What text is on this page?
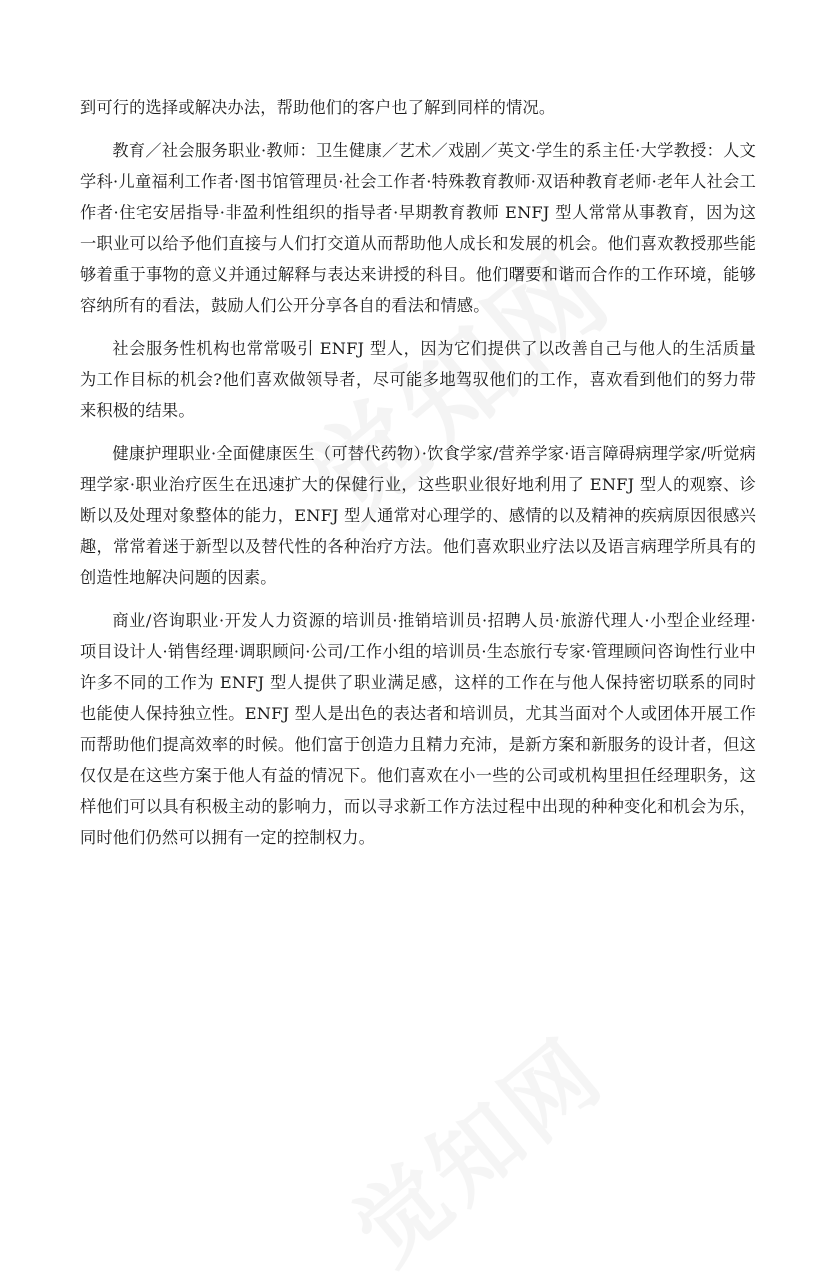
到可行的选择或解决办法，帮助他们的客户也了解到同样的情况。

教育／社会服务职业·教师：卫生健康／艺术／戏剧／英文·学生的系主任·大学教授：人文学科·儿童福利工作者·图书馆管理员·社会工作者·特殊教育教师·双语种教育老师·老年人社会工作者·住宅安居指导·非盈利性组织的指导者·早期教育教师 ENFJ 型人常常从事教育，因为这一职业可以给予他们直接与人们打交道从而帮助他人成长和发展的机会。他们喜欢教授那些能够着重于事物的意义并通过解释与表达来讲授的科目。他们曙要和谐而合作的工作环境，能够容纳所有的看法，鼓励人们公开分享各自的看法和情感。

社会服务性机构也常常吸引 ENFJ 型人，因为它们提供了以改善自己与他人的生活质量为工作目标的机会?他们喜欢做领导者，尽可能多地驾驭他们的工作，喜欢看到他们的努力带来积极的结果。

健康护理职业·全面健康医生（可替代药物）·饮食学家/营养学家·语言障碍病理学家/听觉病理学家·职业治疗医生在迅速扩大的保健行业，这些职业很好地利用了 ENFJ 型人的观察、诊断以及处理对象整体的能力，ENFJ 型人通常对心理学的、感情的以及精神的疾病原因很感兴趣，常常着迷于新型以及替代性的各种治疗方法。他们喜欢职业疗法以及语言病理学所具有的创造性地解决问题的因素。

商业/咨询职业·开发人力资源的培训员·推销培训员·招聘人员·旅游代理人·小型企业经理·项目设计人·销售经理·调职顾问·公司/工作小组的培训员·生态旅行专家·管理顾问咨询性行业中许多不同的工作为 ENFJ 型人提供了职业满足感，这样的工作在与他人保持密切联系的同时也能使人保持独立性。ENFJ 型人是出色的表达者和培训员，尤其当面对个人或团体开展工作而帮助他们提高效率的时候。他们富于创造力且精力充沛，是新方案和新服务的设计者，但这仅仅是在这些方案于他人有益的情况下。他们喜欢在小一些的公司或机构里担任经理职务，这样他们可以具有积极主动的影响力，而以寻求新工作方法过程中出现的种种变化和机会为乐，同时他们仍然可以拥有一定的控制权力。
